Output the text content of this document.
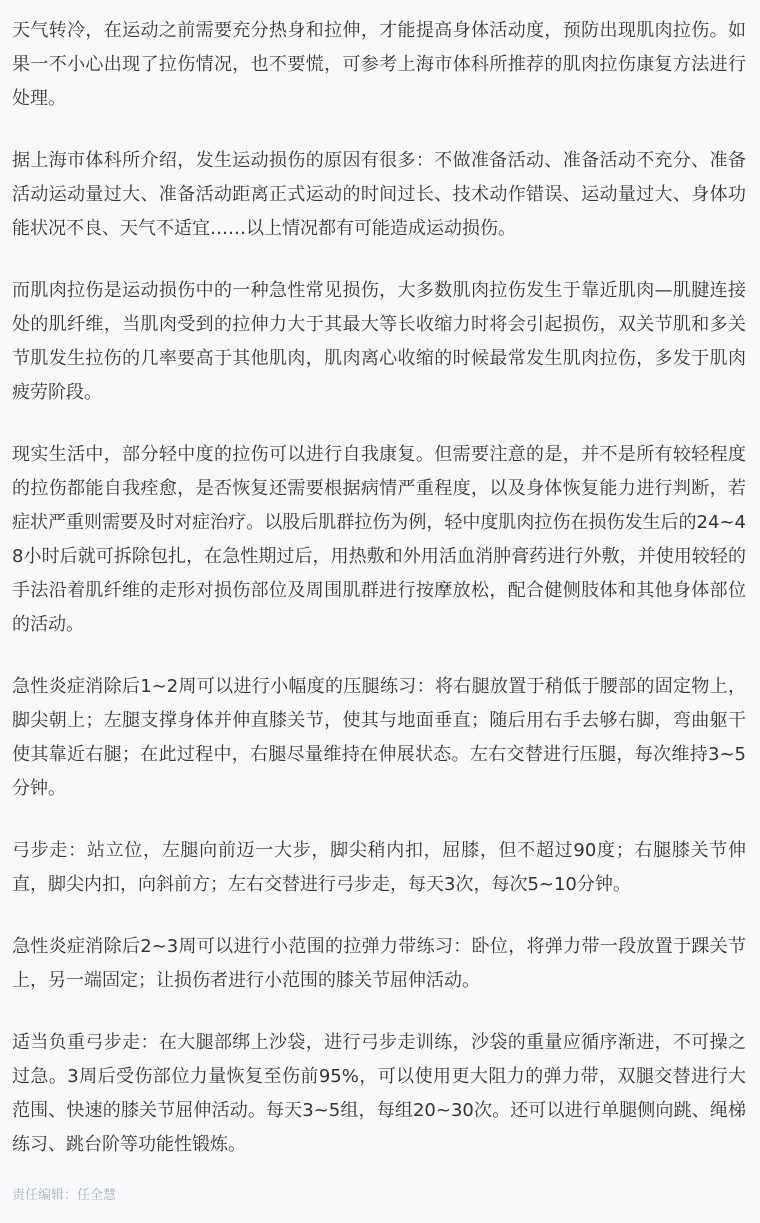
天气转冷，在运动之前需要充分热身和拉伸，才能提高身体活动度，预防出现肌肉拉伤。如果一不小心出现了拉伤情况，也不要慌，可参考上海市体科所推荐的肌肉拉伤康复方法进行处理。

据上海市体科所介绍，发生运动损伤的原因有很多：不做准备活动、准备活动不充分、准备活动运动量过大、准备活动距离正式运动的时间过长、技术动作错误、运动量过大、身体功能状况不良、天气不适宜……以上情况都有可能造成运动损伤。

而肌肉拉伤是运动损伤中的一种急性常见损伤，大多数肌肉拉伤发生于靠近肌肉—肌腱连接处的肌纤维，当肌肉受到的拉伸力大于其最大等长收缩力时将会引起损伤，双关节肌和多关节肌发生拉伤的几率要高于其他肌肉，肌肉离心收缩的时候最常发生肌肉拉伤，多发于肌肉疲劳阶段。

现实生活中，部分轻中度的拉伤可以进行自我康复。但需要注意的是，并不是所有较轻程度的拉伤都能自我痊愈，是否恢复还需要根据病情严重程度，以及身体恢复能力进行判断，若症状严重则需要及时对症治疗。以股后肌群拉伤为例，轻中度肌肉拉伤在损伤发生后的24~48小时后就可拆除包扎，在急性期过后，用热敷和外用活血消肿膏药进行外敷，并使用较轻的手法沿着肌纤维的走形对损伤部位及周围肌群进行按摩放松，配合健侧肢体和其他身体部位的活动。

急性炎症消除后1~2周可以进行小幅度的压腿练习：将右腿放置于稍低于腰部的固定物上，脚尖朝上；左腿支撑身体并伸直膝关节，使其与地面垂直；随后用右手去够右脚，弯曲躯干使其靠近右腿；在此过程中，右腿尽量维持在伸展状态。左右交替进行压腿，每次维持3~5分钟。

弓步走：站立位，左腿向前迈一大步，脚尖稍内扣，屈膝，但不超过90度；右腿膝关节伸直，脚尖内扣，向斜前方；左右交替进行弓步走，每天3次，每次5~10分钟。

急性炎症消除后2~3周可以进行小范围的拉弹力带练习：卧位，将弹力带一段放置于踝关节上，另一端固定；让损伤者进行小范围的膝关节屈伸活动。

适当负重弓步走：在大腿部绑上沙袋，进行弓步走训练，沙袋的重量应循序渐进，不可操之过急。3周后受伤部位力量恢复至伤前95%，可以使用更大阻力的弹力带，双腿交替进行大范围、快速的膝关节屈伸活动。每天3~5组，每组20~30次。还可以进行单腿侧向跳、绳梯练习、跳台阶等功能性锻炼。

责任编辑：任全慧
